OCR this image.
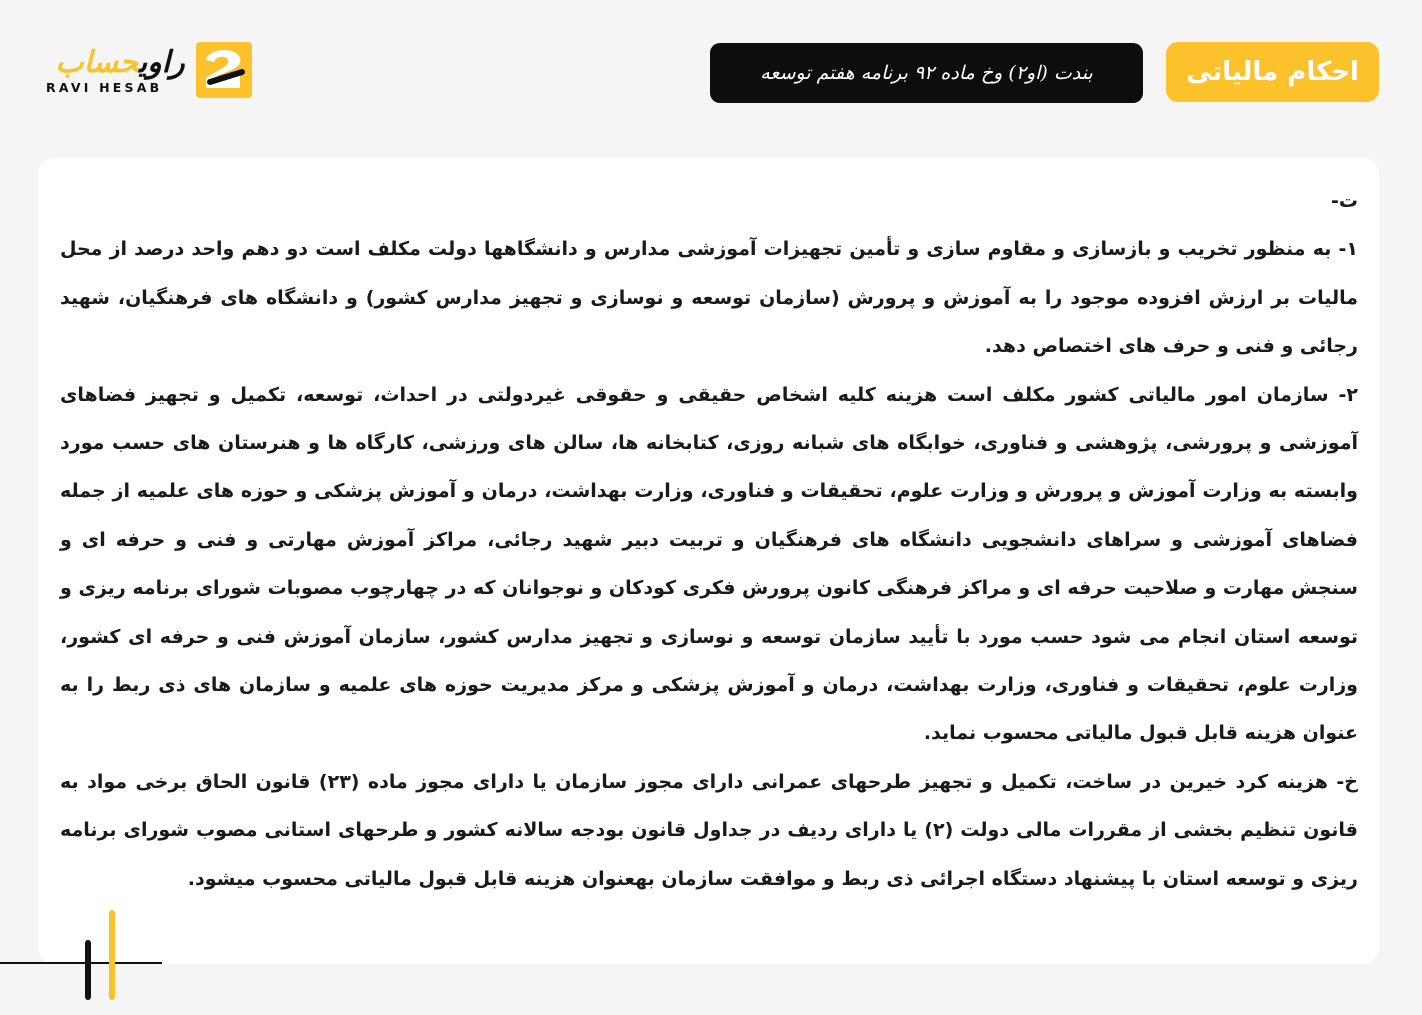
احکام مالیاتی
بندت (او۲) وخ ماده ۹۲ برنامه هفتم توسعه
راویحساب
RAVI HESAB

ت-

۱- به منظور تخریب و بازسازی و مقاوم سازی و تأمین تجهیزات آموزشی مدارس و دانشگاهها دولت مکلف است دو دهم واحد درصد از محل مالیات بر ارزش افزوده موجود را به آموزش و پرورش (سازمان توسعه و نوسازی و تجهیز مدارس کشور) و دانشگاه های فرهنگیان، شهید رجائی و فنی و حرف های اختصاص دهد.

۲- سازمان امور مالیاتی کشور مکلف است هزینه کلیه اشخاص حقیقی و حقوقی غیردولتی در احداث، توسعه، تکمیل و تجهیز فضاهای آموزشی و پرورشی، پژوهشی و فناوری، خوابگاه های شبانه روزی، کتابخانه ها، سالن های ورزشی، کارگاه ها و هنرستان های حسب مورد وابسته به وزارت آموزش و پرورش و وزارت علوم، تحقیقات و فناوری، وزارت بهداشت، درمان و آموزش پزشکی و حوزه های علمیه از جمله فضاهای آموزشی و سراهای دانشجویی دانشگاه های فرهنگیان و تربیت دبیر شهید رجائی، مراکز آموزش مهارتی و فنی و حرفه ای و سنجش مهارت و صلاحیت حرفه ای و مراکز فرهنگی کانون پرورش فکری کودکان و نوجوانان که در چهارچوب مصوبات شورای برنامه ریزی و توسعه استان انجام می شود حسب مورد با تأیید سازمان توسعه و نوسازی و تجهیز مدارس کشور، سازمان آموزش فنی و حرفه ای کشور، وزارت علوم، تحقیقات و فناوری، وزارت بهداشت، درمان و آموزش پزشکی و مرکز مدیریت حوزه های علمیه و سازمان های ذی ربط را به عنوان هزینه قابل قبول مالیاتی محسوب نماید.

خ- هزینه کرد خیرین در ساخت، تکمیل و تجهیز طرحهای عمرانی دارای مجوز سازمان یا دارای مجوز ماده (۲۳) قانون الحاق برخی مواد به قانون تنظیم بخشی از مقررات مالی دولت (۲) یا دارای ردیف در جداول قانون بودجه سالانه کشور و طرحهای استانی مصوب شورای برنامه ریزی و توسعه استان با پیشنهاد دستگاه اجرائی ذی ربط و موافقت سازمان بهعنوان هزینه قابل قبول مالیاتی محسوب میشود.
